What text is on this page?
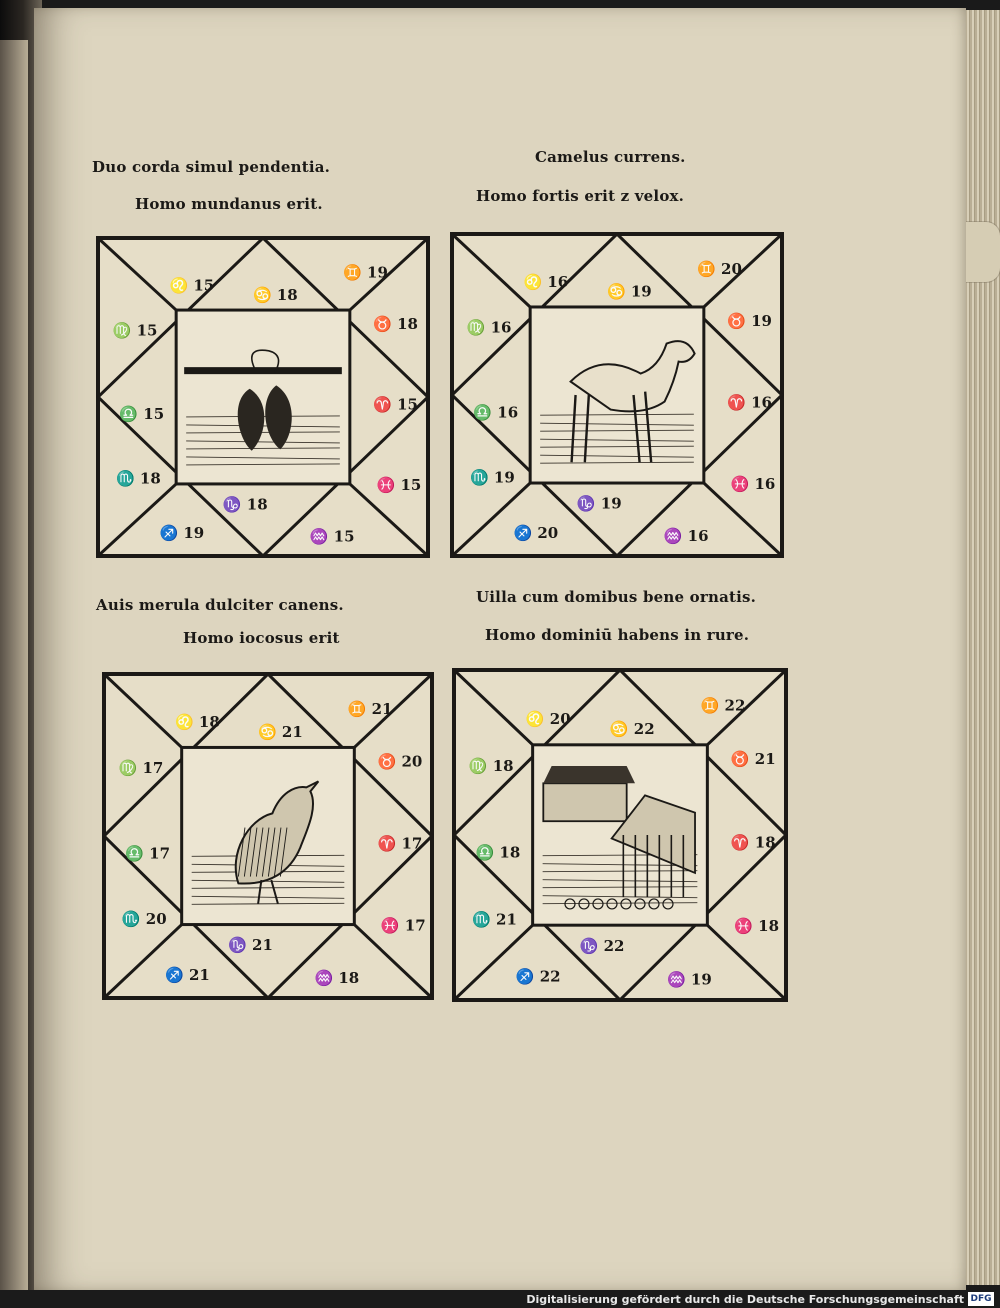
Duo corda simul pendentia.
Homo mundanus erit.
Camelus currens.
Homo fortis erit z velox.
Auis merula dulciter canens.
Homo iocosus erit
Uilla cum domibus bene ornatis.
Homo dominiū habens in rure.
♌ 15
♋ 18
♊ 19
♍ 15	♉ 18
♎ 15
♈ 15
♏ 18	♓ 15
♐ 19
♑ 18
♒ 15
♌ 16
♋ 19
♊ 20
♍ 16	♉ 19
♎ 16
♈ 16
♏ 19	♓ 16
♐ 20
♑ 19
♒ 16
♌ 18
♋ 21
♊ 21
♍ 17	♉ 20
♎ 17
♈ 17
♏ 20	♓ 17
♐ 21
♑ 21
♒ 18
♌ 20
♋ 22
♊ 22
♍ 18	♉ 21
♎ 18
♈ 18
♏ 21	♓ 18
♐ 22
♑ 22
♒ 19
Digitalisierung gefördert durch die Deutsche Forschungsgemeinschaft DFG
